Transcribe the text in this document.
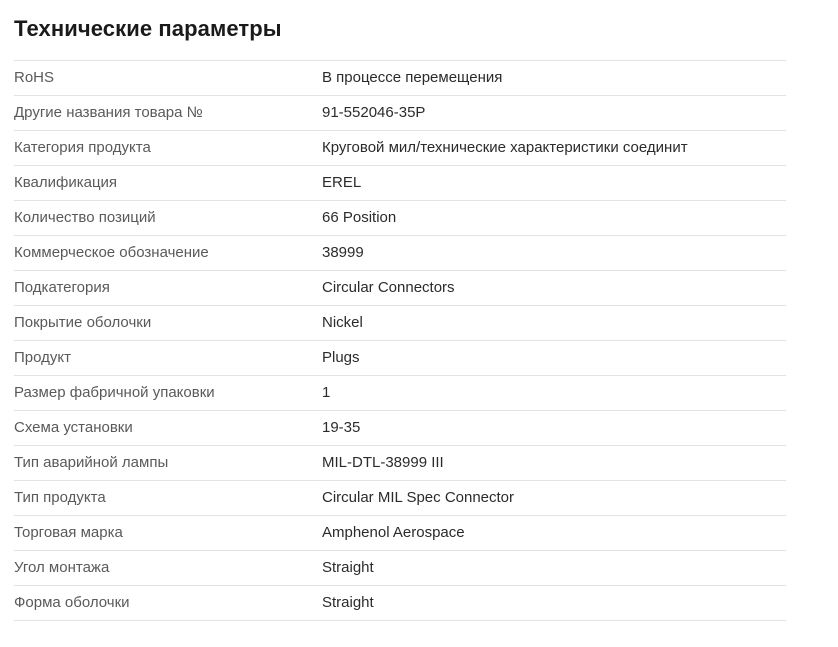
Технические параметры
RoHS	В процессе перемещения
Другие названия товара №	91-552046-35P
Категория продукта	Круговой мил/технические характеристики соединит
Квалификация	EREL
Количество позиций	66 Position
Коммерческое обозначение	38999
Подкатегория	Circular Connectors
Покрытие оболочки	Nickel
Продукт	Plugs
Размер фабричной упаковки	1
Схема установки	19-35
Тип аварийной лампы	MIL-DTL-38999 III
Тип продукта	Circular MIL Spec Connector
Торговая марка	Amphenol Aerospace
Угол монтажа	Straight
Форма оболочки	Straight
